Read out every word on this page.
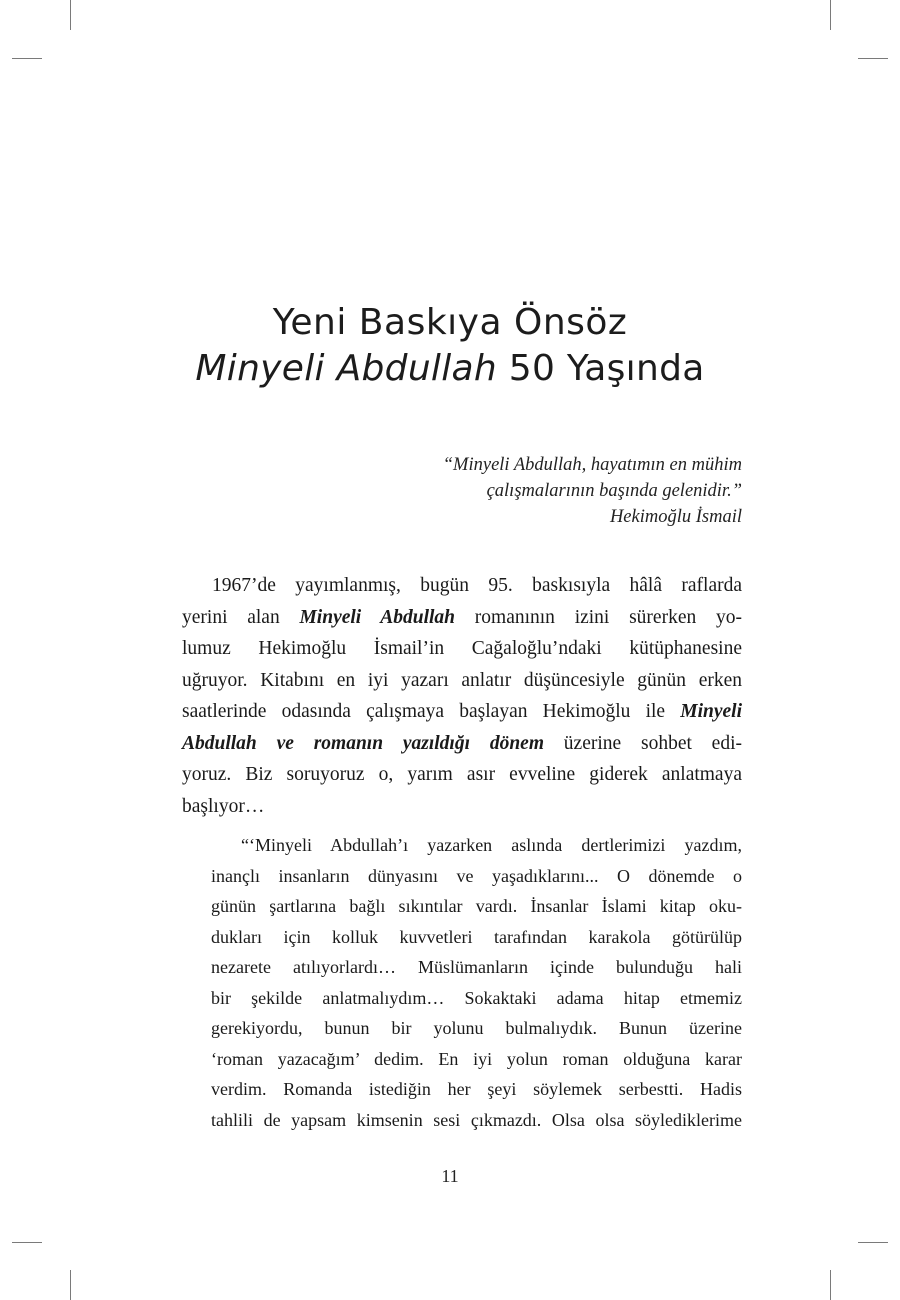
Yeni Baskıya Önsöz
Minyeli Abdullah 50 Yaşında
“Minyeli Abdullah, hayatımın en mühim
çalışmalarının başında gelenidir.”
Hekimoğlu İsmail
1967’de yayımlanmış, bugün 95. baskısıyla hâlâ raflarda
yerini alan Minyeli Abdullah romanının izini sürerken yo-
lumuz Hekimoğlu İsmail’in Cağaloğlu’ndaki kütüphanesine
uğruyor. Kitabını en iyi yazarı anlatır düşüncesiyle günün erken
saatlerinde odasında çalışmaya başlayan Hekimoğlu ile Minyeli
Abdullah ve romanın yazıldığı dönem üzerine sohbet edi-
yoruz. Biz soruyoruz o, yarım asır evveline giderek anlatmaya
başlıyor…
“‘Minyeli Abdullah’ı yazarken aslında dertlerimizi yazdım,
inançlı insanların dünyasını ve yaşadıklarını... O dönemde o
günün şartlarına bağlı sıkıntılar vardı. İnsanlar İslami kitap oku-
dukları için kolluk kuvvetleri tarafından karakola götürülüp
nezarete atılıyorlardı… Müslümanların içinde bulunduğu hali
bir şekilde anlatmalıydım… Sokaktaki adama hitap etmemiz
gerekiyordu, bunun bir yolunu bulmalıydık. Bunun üzerine
‘roman yazacağım’ dedim. En iyi yolun roman olduğuna karar
verdim. Romanda istediğin her şeyi söylemek serbestti. Hadis
tahlili de yapsam kimsenin sesi çıkmazdı. Olsa olsa söylediklerime
11
